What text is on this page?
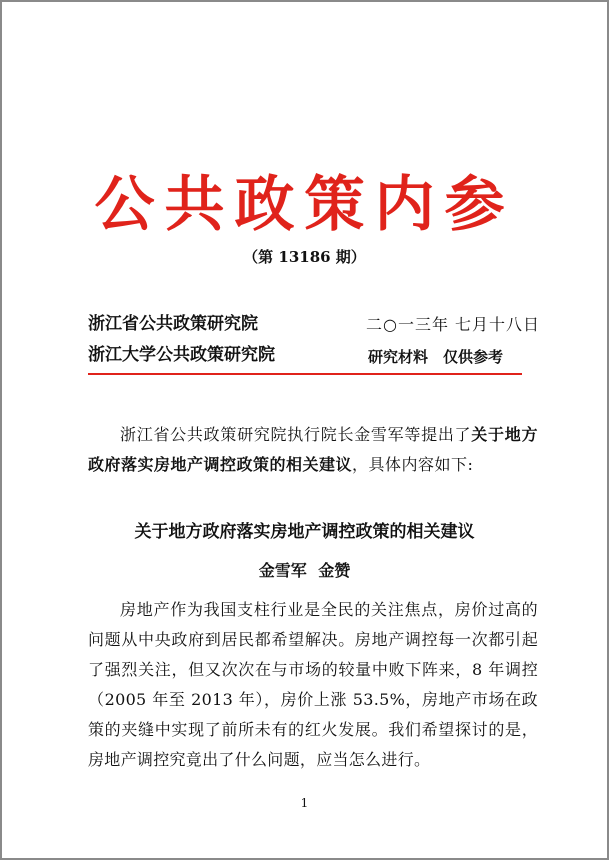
公共政策内参
（第 13186 期）
浙江省公共政策研究院	二○一三年 七月十八日
浙江大学公共政策研究院	研究材料　仅供参考
浙江省公共政策研究院执行院长金雪军等提出了关于地方政府落实房地产调控政策的相关建议，具体内容如下:
关于地方政府落实房地产调控政策的相关建议
金雪军 金赞
房地产作为我国支柱行业是全民的关注焦点，房价过高的问题从中央政府到居民都希望解决。房地产调控每一次都引起了强烈关注，但又次次在与市场的较量中败下阵来，8 年调控（2005 年至 2013 年），房价上涨 53.5%，房地产市场在政策的夹缝中实现了前所未有的红火发展。我们希望探讨的是，房地产调控究竟出了什么问题，应当怎么进行。
1
